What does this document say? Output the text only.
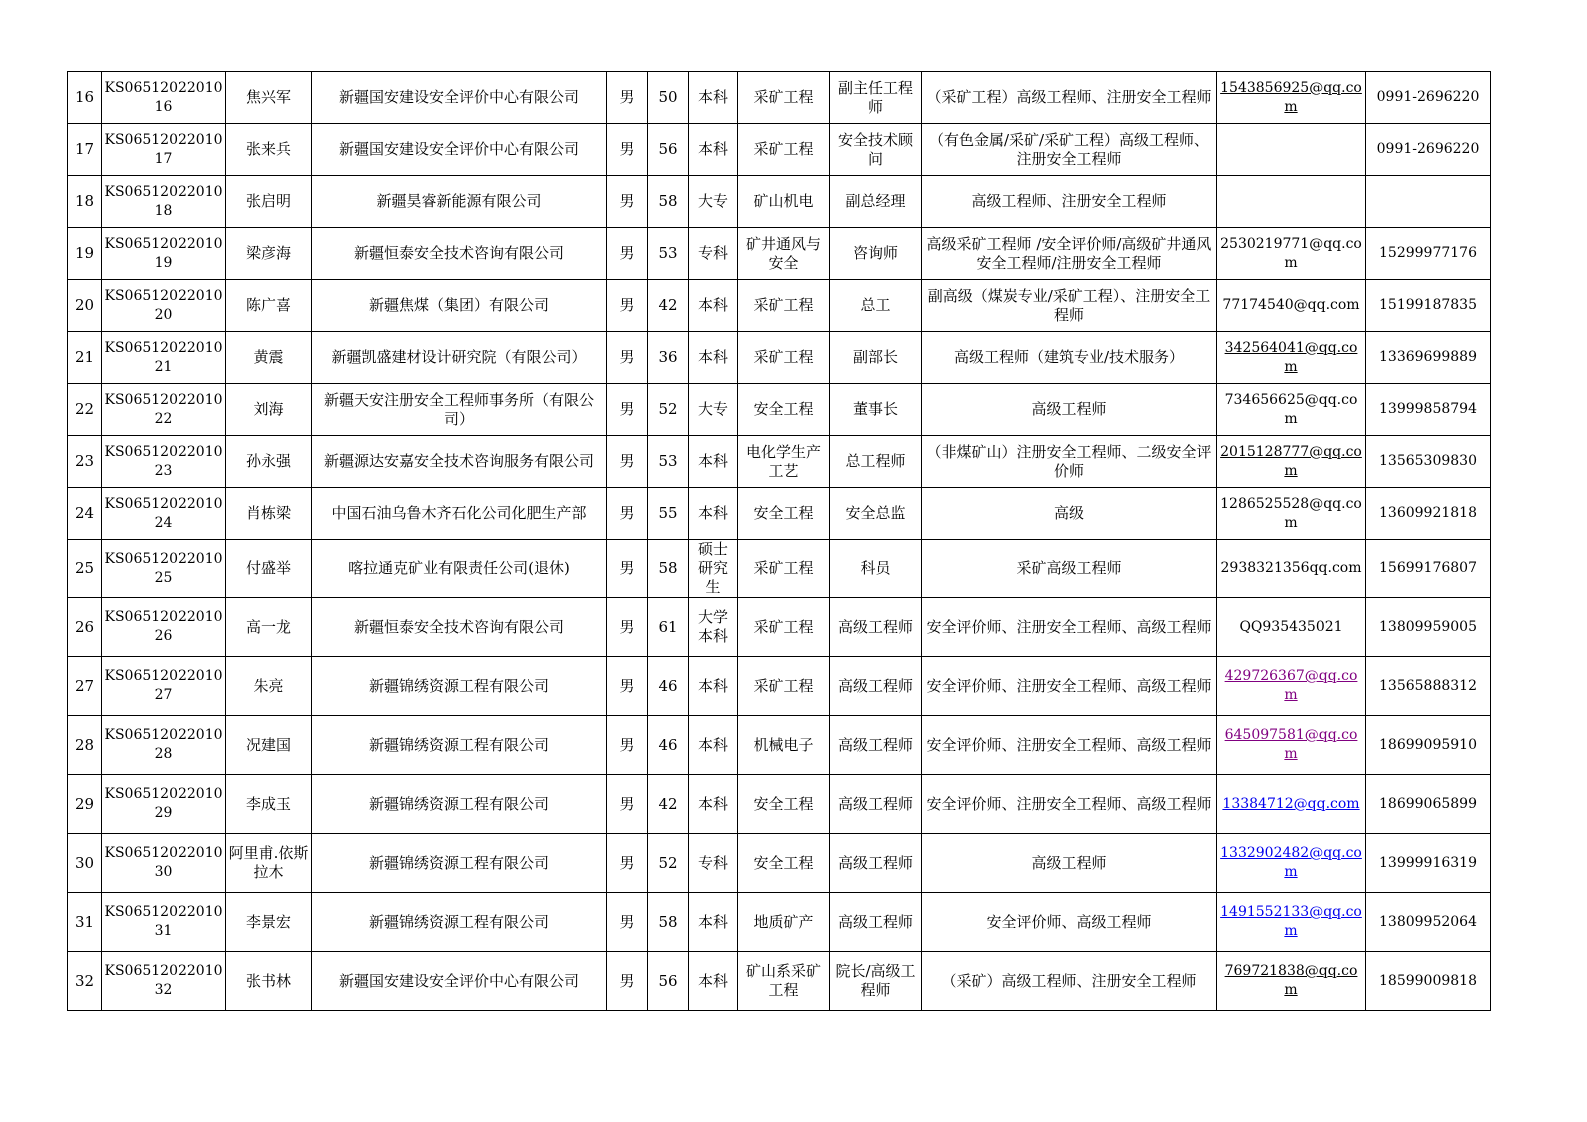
16	KS0651202201016	焦兴军	新疆国安建设安全评价中心有限公司	男	50	本科	采矿工程	副主任工程师	（采矿工程）高级工程师、注册安全工程师	1543856925@qq.com	0991-2696220
17	KS0651202201017	张来兵	新疆国安建设安全评价中心有限公司	男	56	本科	采矿工程	安全技术顾问	（有色金属/采矿/采矿工程）高级工程师、注册安全工程师		0991-2696220
18	KS0651202201018	张启明	新疆昊睿新能源有限公司	男	58	大专	矿山机电	副总经理	高级工程师、注册安全工程师		
19	KS0651202201019	梁彦海	新疆恒泰安全技术咨询有限公司	男	53	专科	矿井通风与安全	咨询师	高级采矿工程师 /安全评价师/高级矿井通风安全工程师/注册安全工程师	2530219771@qq.com	15299977176
20	KS0651202201020	陈广喜	新疆焦煤（集团）有限公司	男	42	本科	采矿工程	总工	副高级（煤炭专业/采矿工程）、注册安全工程师	77174540@qq.com	15199187835
21	KS0651202201021	黄震	新疆凯盛建材设计研究院（有限公司）	男	36	本科	采矿工程	副部长	高级工程师（建筑专业/技术服务）	342564041@qq.com	13369699889
22	KS0651202201022	刘海	新疆天安注册安全工程师事务所（有限公司）	男	52	大专	安全工程	董事长	高级工程师	734656625@qq.com	13999858794
23	KS0651202201023	孙永强	新疆源达安嘉安全技术咨询服务有限公司	男	53	本科	电化学生产工艺	总工程师	（非煤矿山）注册安全工程师、二级安全评价师	2015128777@qq.com	13565309830
24	KS0651202201024	肖栋梁	中国石油乌鲁木齐石化公司化肥生产部	男	55	本科	安全工程	安全总监	高级	1286525528@qq.com	13609921818
25	KS0651202201025	付盛举	喀拉通克矿业有限责任公司(退休)	男	58	硕士研究生	采矿工程	科员	采矿高级工程师	2938321356qq.com	15699176807
26	KS0651202201026	高一龙	新疆恒泰安全技术咨询有限公司	男	61	大学本科	采矿工程	高级工程师	安全评价师、注册安全工程师、高级工程师	QQ935435021	13809959005
27	KS0651202201027	朱亮	新疆锦绣资源工程有限公司	男	46	本科	采矿工程	高级工程师	安全评价师、注册安全工程师、高级工程师	429726367@qq.com	13565888312
28	KS0651202201028	况建国	新疆锦绣资源工程有限公司	男	46	本科	机械电子	高级工程师	安全评价师、注册安全工程师、高级工程师	645097581@qq.com	18699095910
29	KS0651202201029	李成玉	新疆锦绣资源工程有限公司	男	42	本科	安全工程	高级工程师	安全评价师、注册安全工程师、高级工程师	13384712@qq.com	18699065899
30	KS0651202201030	阿里甫.依斯拉木	新疆锦绣资源工程有限公司	男	52	专科	安全工程	高级工程师	高级工程师	1332902482@qq.com	13999916319
31	KS0651202201031	李景宏	新疆锦绣资源工程有限公司	男	58	本科	地质矿产	高级工程师	安全评价师、高级工程师	1491552133@qq.com	13809952064
32	KS0651202201032	张书林	新疆国安建设安全评价中心有限公司	男	56	本科	矿山系采矿工程	院长/高级工程师	（采矿）高级工程师、注册安全工程师	769721838@qq.com	18599009818
